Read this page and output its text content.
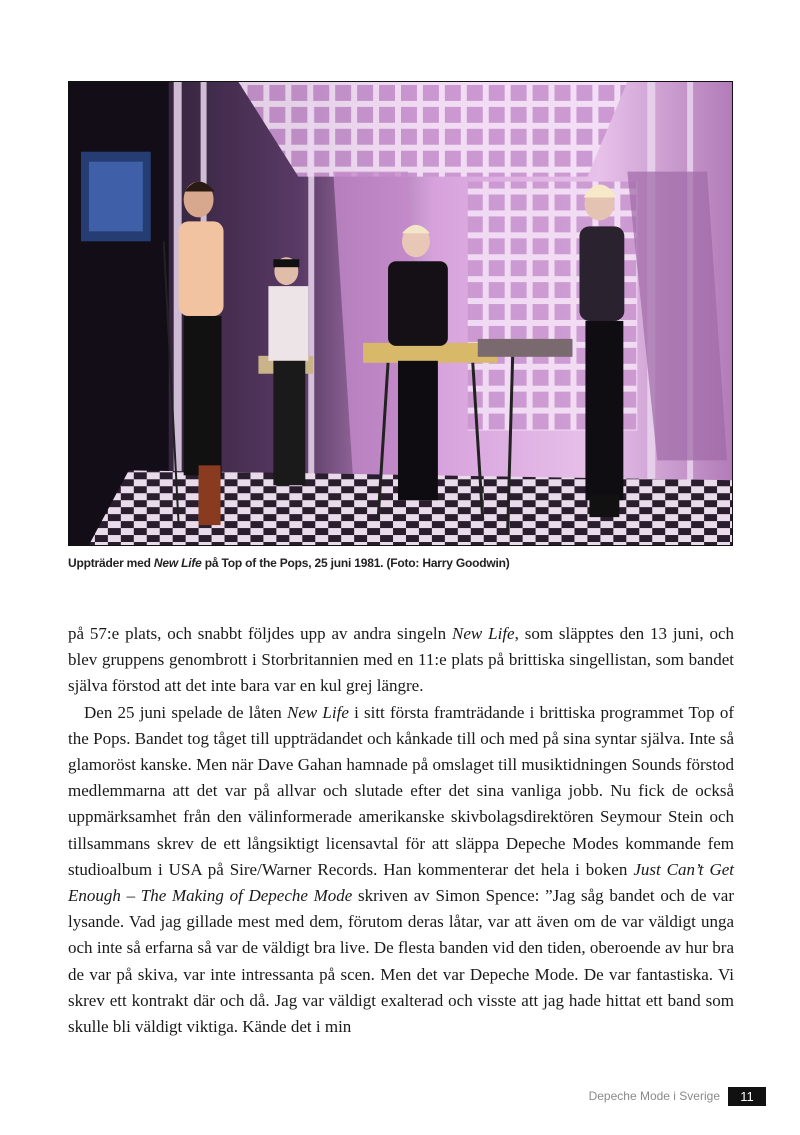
Uppträder med New Life på Top of the Pops, 25 juni 1981. (Foto: Harry Goodwin)

på 57:e plats, och snabbt följdes upp av andra singeln New Life, som släpptes den 13 juni, och blev gruppens genombrott i Storbritannien med en 11:e plats på brittiska singellistan, som bandet själva förstod att det inte bara var en kul grej längre.

Den 25 juni spelade de låten New Life i sitt första framträdande i brittiska programmet Top of the Pops. Bandet tog tåget till uppträdandet och kånkade till och med på sina syntar själva. Inte så glamoröst kanske. Men när Dave Gahan hamnade på omslaget till musiktidningen Sounds förstod medlemmarna att det var på allvar och slutade efter det sina vanliga jobb. Nu fick de också uppmärksamhet från den välinformerade amerikanske skivbolagsdirektören Seymour Stein och tillsammans skrev de ett långsiktigt licensavtal för att släppa Depeche Modes kommande fem studioalbum i USA på Sire/Warner Records. Han kommenterar det hela i boken Just Can’t Get Enough – The Making of Depeche Mode skriven av Simon Spence: ”Jag såg bandet och de var lysande. Vad jag gillade mest med dem, förutom deras låtar, var att även om de var väldigt unga och inte så erfarna så var de väldigt bra live. De flesta banden vid den tiden, oberoende av hur bra de var på skiva, var inte intressanta på scen. Men det var Depeche Mode. De var fantastiska. Vi skrev ett kontrakt där och då. Jag var väldigt exalterad och visste att jag hade hittat ett band som skulle bli väldigt viktiga. Kände det i min

Depeche Mode i Sverige	11
